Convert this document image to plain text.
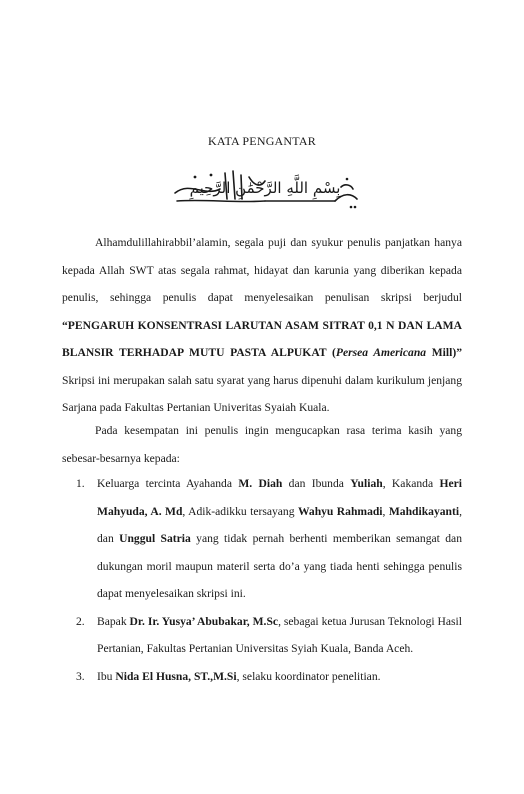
KATA PENGANTAR
بِسْمِ اللَّهِ الرَّحْمَٰنِ الرَّحِيمِ
Alhamdulillahirabbil’alamin, segala puji dan syukur penulis panjatkan hanya kepada Allah SWT atas segala rahmat, hidayat dan karunia yang diberikan kepada penulis, sehingga penulis dapat menyelesaikan penulisan skripsi berjudul “PENGARUH KONSENTRASI LARUTAN ASAM SITRAT 0,1 N DAN LAMA BLANSIR TERHADAP MUTU PASTA ALPUKAT (Persea Americana Mill)” Skripsi ini merupakan salah satu syarat yang harus dipenuhi dalam kurikulum jenjang Sarjana pada Fakultas Pertanian Univeritas Syaiah Kuala.
Pada kesempatan ini penulis ingin mengucapkan rasa terima kasih yang sebesar-besarnya kepada:
1. Keluarga tercinta Ayahanda M. Diah dan Ibunda Yuliah, Kakanda Heri Mahyuda, A. Md, Adik-adikku tersayang Wahyu Rahmadi, Mahdikayanti, dan Unggul Satria yang tidak pernah berhenti memberikan semangat dan dukungan moril maupun materil serta do’a yang tiada henti sehingga penulis dapat menyelesaikan skripsi ini.
2. Bapak Dr. Ir. Yusya’ Abubakar, M.Sc, sebagai ketua Jurusan Teknologi Hasil Pertanian, Fakultas Pertanian Universitas Syiah Kuala, Banda Aceh.
3. Ibu Nida El Husna, ST.,M.Si, selaku koordinator penelitian.
